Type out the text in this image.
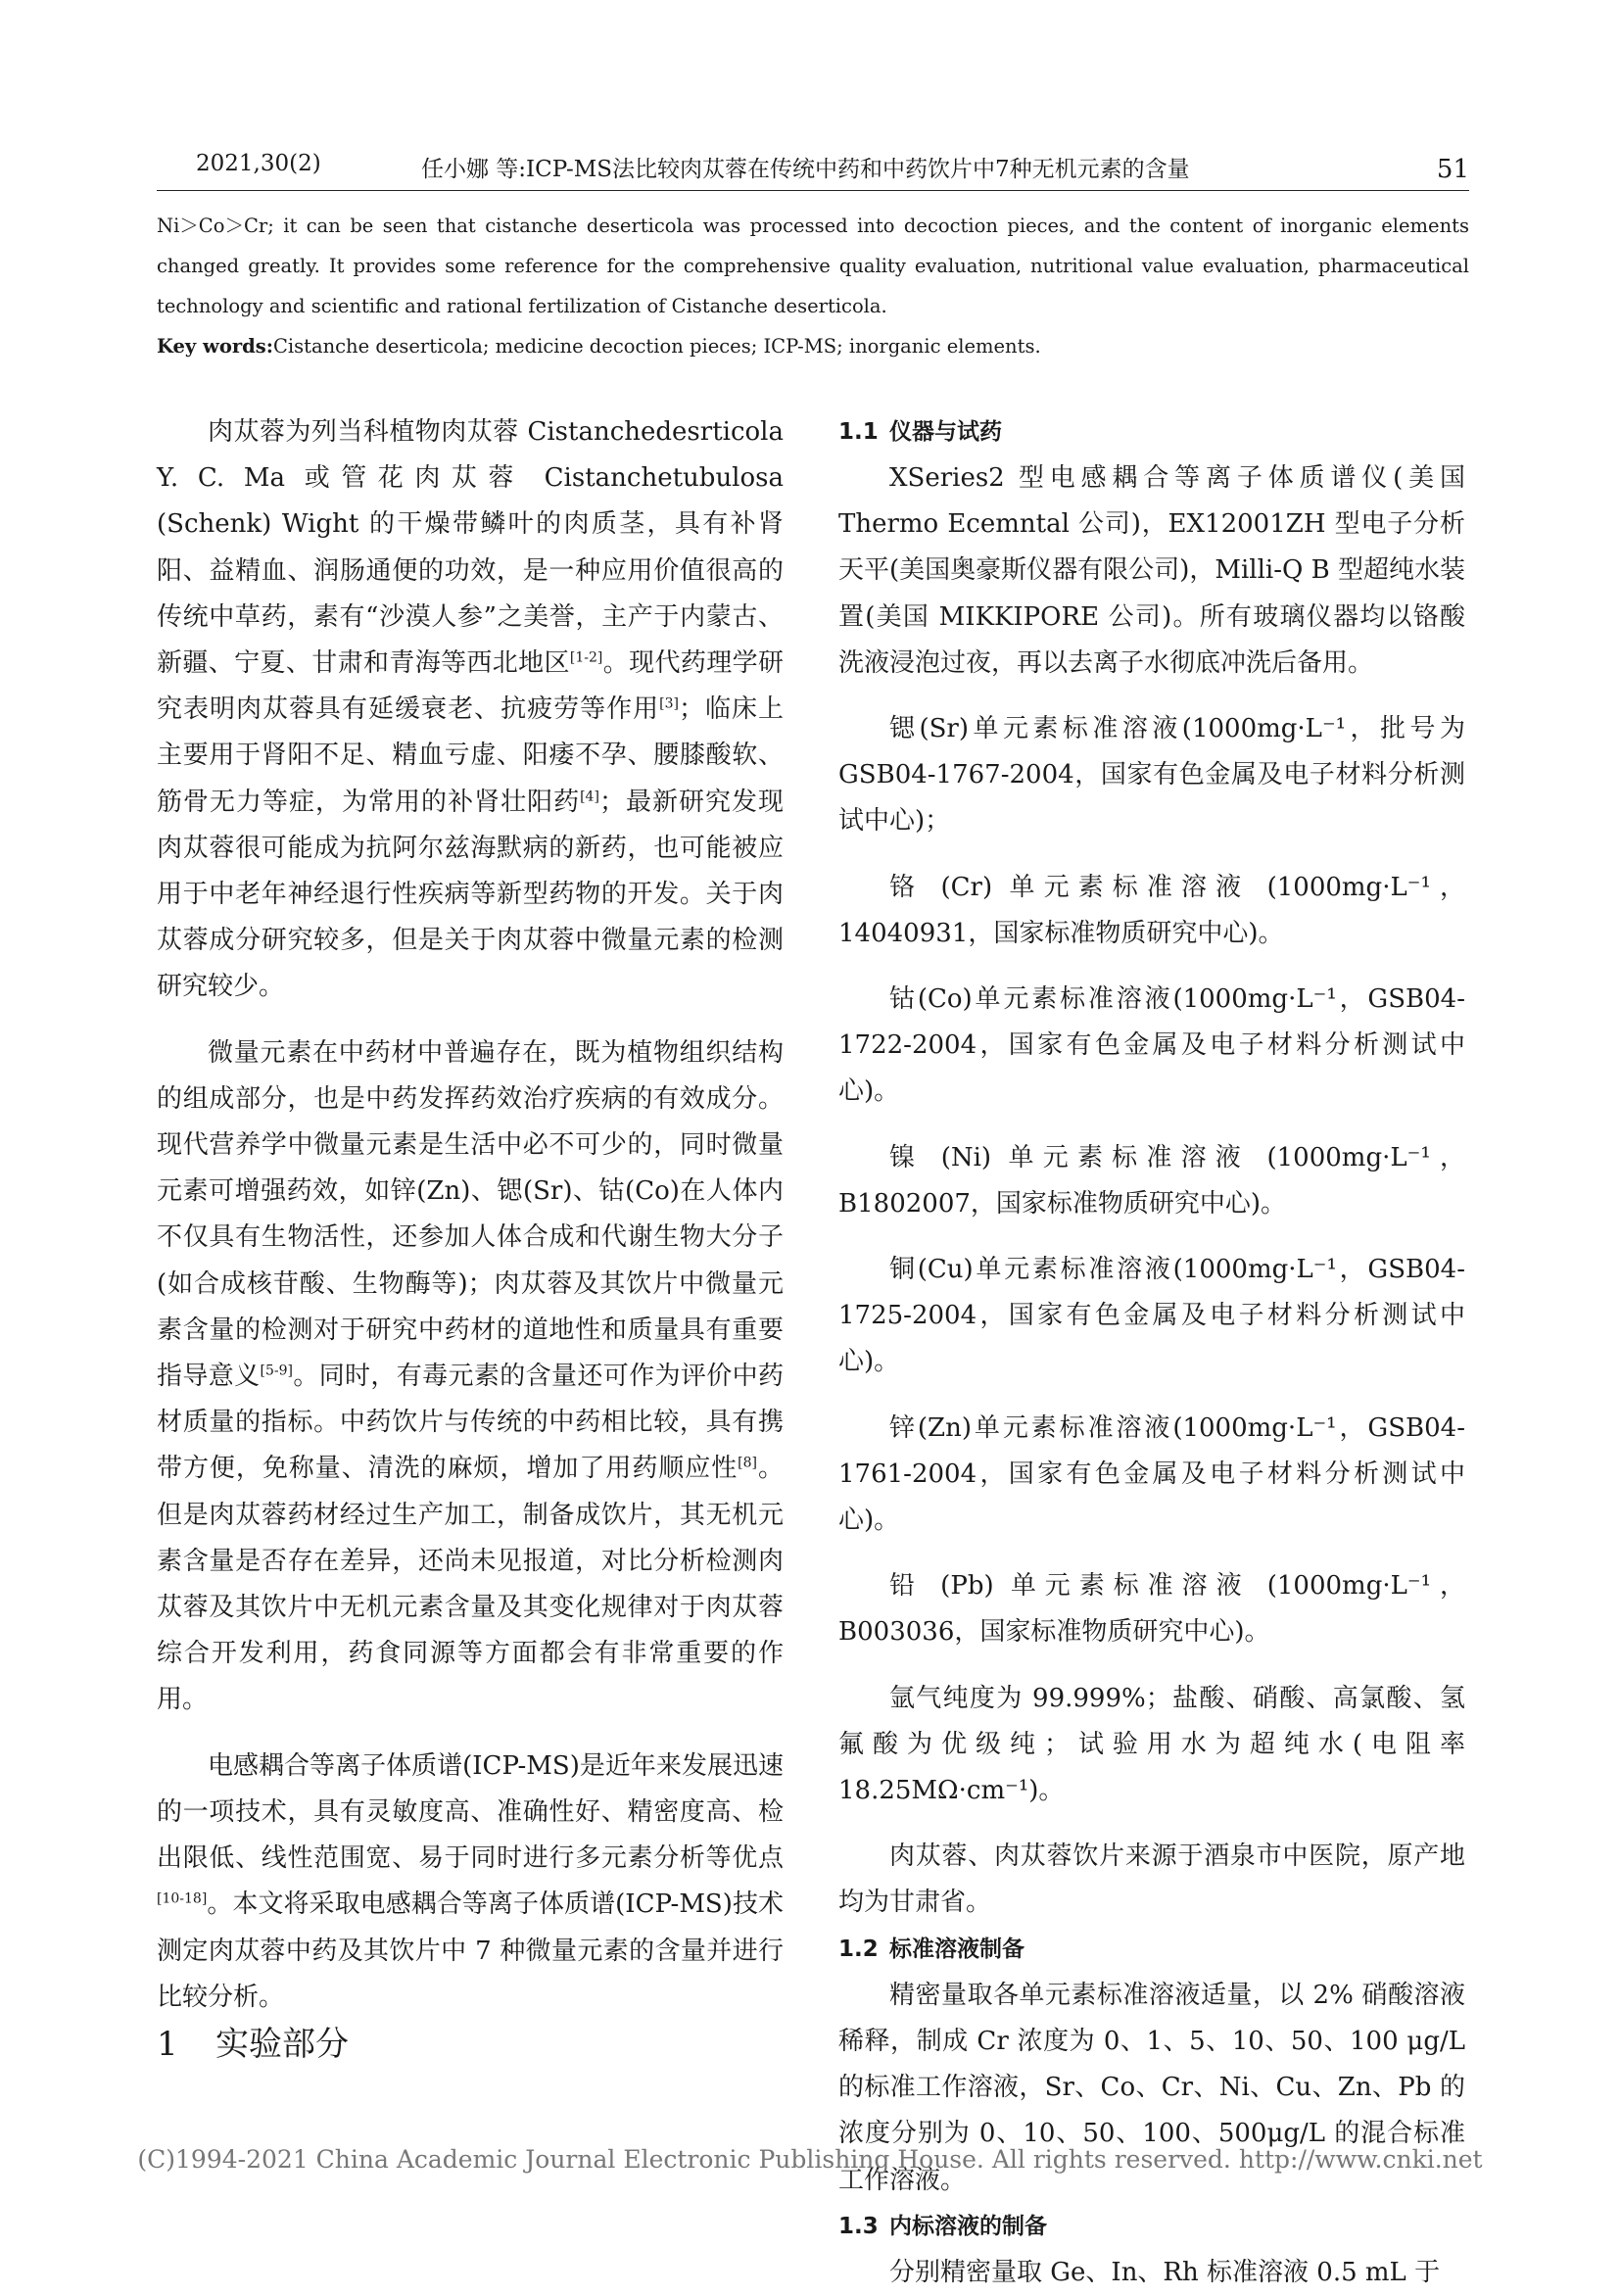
2021,30(2)	任小娜 等:ICP-MS法比较肉苁蓉在传统中药和中药饮片中7种无机元素的含量	51

Ni＞Co＞Cr; it can be seen that cistanche deserticola was processed into decoction pieces, and the content of inorganic elements changed greatly. It provides some reference for the comprehensive quality evaluation, nutritional value evaluation, pharmaceutical technology and scientific and rational fertilization of Cistanche deserticola.

Key words:Cistanche deserticola; medicine decoction pieces; ICP-MS; inorganic elements.

肉苁蓉为列当科植物肉苁蓉 Cistanchedesrticola Y. C. Ma 或管花肉苁蓉 Cistanchetubulosa (Schenk) Wight 的干燥带鳞叶的肉质茎，具有补肾阳、益精血、润肠通便的功效，是一种应用价值很高的传统中草药，素有“沙漠人参”之美誉，主产于内蒙古、新疆、宁夏、甘肃和青海等西北地区[1-2]。现代药理学研究表明肉苁蓉具有延缓衰老、抗疲劳等作用[3]；临床上主要用于肾阳不足、精血亏虚、阳痿不孕、腰膝酸软、筋骨无力等症，为常用的补肾壮阳药[4]；最新研究发现肉苁蓉很可能成为抗阿尔兹海默病的新药，也可能被应用于中老年神经退行性疾病等新型药物的开发。关于肉苁蓉成分研究较多，但是关于肉苁蓉中微量元素的检测研究较少。

微量元素在中药材中普遍存在，既为植物组织结构的组成部分，也是中药发挥药效治疗疾病的有效成分。现代营养学中微量元素是生活中必不可少的，同时微量元素可增强药效，如锌(Zn)、锶(Sr)、钴(Co)在人体内不仅具有生物活性，还参加人体合成和代谢生物大分子(如合成核苷酸、生物酶等)；肉苁蓉及其饮片中微量元素含量的检测对于研究中药材的道地性和质量具有重要指导意义[5-9]。同时，有毒元素的含量还可作为评价中药材质量的指标。中药饮片与传统的中药相比较，具有携带方便，免称量、清洗的麻烦，增加了用药顺应性[8]。但是肉苁蓉药材经过生产加工，制备成饮片，其无机元素含量是否存在差异，还尚未见报道，对比分析检测肉苁蓉及其饮片中无机元素含量及其变化规律对于肉苁蓉综合开发利用，药食同源等方面都会有非常重要的作用。

电感耦合等离子体质谱(ICP-MS)是近年来发展迅速的一项技术，具有灵敏度高、准确性好、精密度高、检出限低、线性范围宽、易于同时进行多元素分析等优点[10-18]。本文将采取电感耦合等离子体质谱(ICP-MS)技术测定肉苁蓉中药及其饮片中 7 种微量元素的含量并进行比较分析。

1 实验部分

1.1 仪器与试药

XSeries2 型电感耦合等离子体质谱仪(美国 Thermo Ecemntal 公司)，EX12001ZH 型电子分析天平(美国奥豪斯仪器有限公司)，Milli-Q B 型超纯水装置(美国 MIKKIPORE 公司)。所有玻璃仪器均以铬酸洗液浸泡过夜，再以去离子水彻底冲洗后备用。

锶(Sr)单元素标准溶液(1000mg·L⁻¹，批号为 GSB04-1767-2004，国家有色金属及电子材料分析测试中心)；

铬 (Cr) 单元素标准溶液 (1000mg·L⁻¹，14040931，国家标准物质研究中心)。

钴(Co)单元素标准溶液(1000mg·L⁻¹，GSB04-1722-2004，国家有色金属及电子材料分析测试中心)。

镍 (Ni) 单元素标准溶液 (1000mg·L⁻¹，B1802007，国家标准物质研究中心)。

铜(Cu)单元素标准溶液(1000mg·L⁻¹，GSB04-1725-2004，国家有色金属及电子材料分析测试中心)。

锌(Zn)单元素标准溶液(1000mg·L⁻¹，GSB04-1761-2004，国家有色金属及电子材料分析测试中心)。

铅 (Pb) 单元素标准溶液 (1000mg·L⁻¹，B003036，国家标准物质研究中心)。

氩气纯度为 99.999%；盐酸、硝酸、高氯酸、氢氟酸为优级纯；试验用水为超纯水(电阻率 18.25MΩ·cm⁻¹)。

肉苁蓉、肉苁蓉饮片来源于酒泉市中医院，原产地均为甘肃省。

1.2 标准溶液制备

精密量取各单元素标准溶液适量，以 2% 硝酸溶液稀释，制成 Cr 浓度为 0、1、5、10、50、100 μg/L 的标准工作溶液，Sr、Co、Cr、Ni、Cu、Zn、Pb 的浓度分别为 0、10、50、100、500μg/L 的混合标准工作溶液。

1.3 内标溶液的制备

分别精密量取 Ge、In、Rh 标准溶液 0.5 mL 于

(C)1994-2021 China Academic Journal Electronic Publishing House. All rights reserved. http://www.cnki.net
